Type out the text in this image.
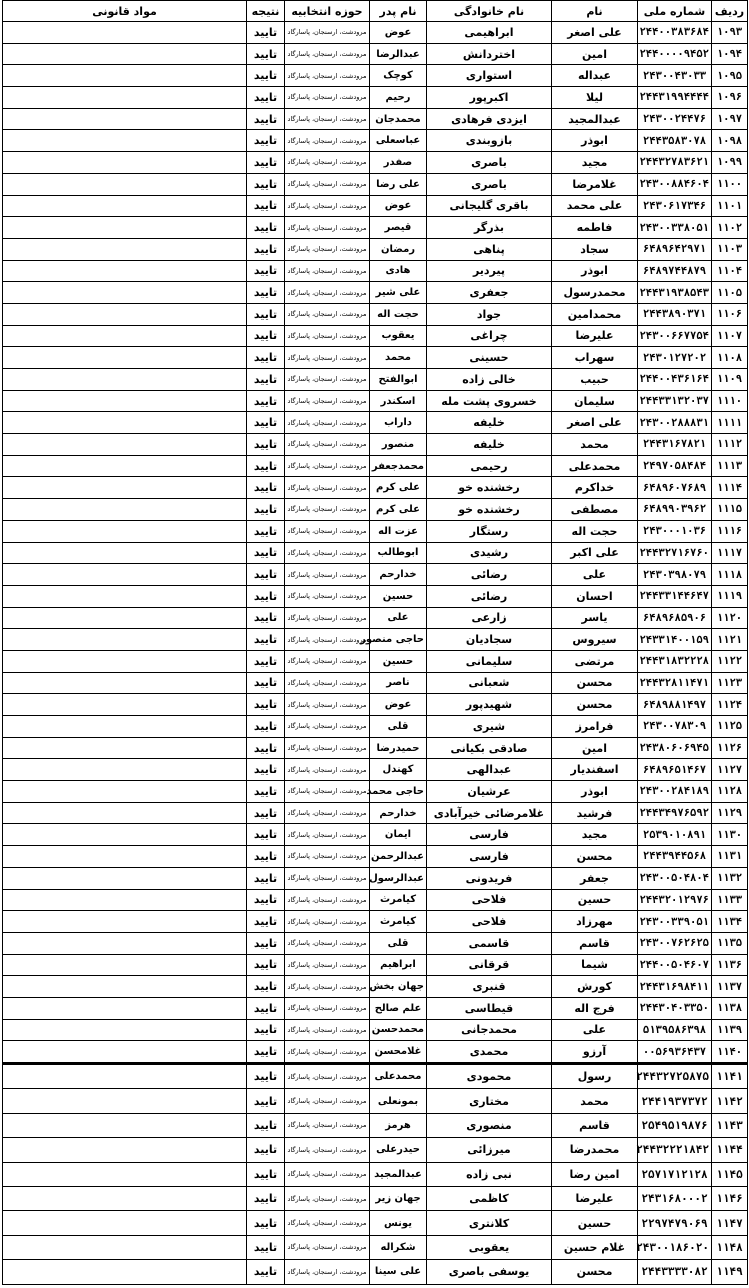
ردیف	شماره ملی	نام	نام خانوادگی	نام پدر	حوزه انتخابیه	نتیجه	مواد قانونی
۱۰۹۳	۲۴۴۰۰۳۸۳۶۸۴	علی اصغر	ابراهیمی	عوض	مرودشت، ارسنجان، پاسارگاد	تایید	
۱۰۹۴	۲۴۴۰۰۰۰۹۴۵۲	امین	اختردانش	عبدالرضا	مرودشت، ارسنجان، پاسارگاد	تایید	
۱۰۹۵	۲۴۳۰۰۴۳۰۳۳	عبداله	استواری	کوچک	مرودشت، ارسنجان، پاسارگاد	تایید	
۱۰۹۶	۲۴۴۳۱۹۹۴۴۴۴	لیلا	اکبرپور	رحیم	مرودشت، ارسنجان، پاسارگاد	تایید	
۱۰۹۷	۲۴۳۰۰۲۴۴۷۶	عبدالمجید	ایزدی فرهادی	محمدجان	مرودشت، ارسنجان، پاسارگاد	تایید	
۱۰۹۸	۲۴۴۳۵۸۳۰۷۸	ابوذر	بازوبندی	عباسعلی	مرودشت، ارسنجان، پاسارگاد	تایید	
۱۰۹۹	۲۴۴۳۲۷۸۳۶۲۱	مجید	باصری	صفدر	مرودشت، ارسنجان، پاسارگاد	تایید	
۱۱۰۰	۲۴۳۰۰۸۸۴۶۰۴	غلامرضا	باصری	علی رضا	مرودشت، ارسنجان، پاسارگاد	تایید	
۱۱۰۱	۲۴۳۰۶۱۷۳۴۶	علی محمد	باقری گلیجانی	عوض	مرودشت، ارسنجان، پاسارگاد	تایید	
۱۱۰۲	۲۴۳۰۰۳۳۸۰۵۱	فاطمه	بذرگر	قیصر	مرودشت، ارسنجان، پاسارگاد	تایید	
۱۱۰۳	۶۴۸۹۶۴۲۹۷۱	سجاد	پناهی	رمضان	مرودشت، ارسنجان، پاسارگاد	تایید	
۱۱۰۴	۶۴۸۹۷۴۴۸۷۹	ابوذر	پیردیر	هادی	مرودشت، ارسنجان، پاسارگاد	تایید	
۱۱۰۵	۲۴۴۳۱۹۳۸۵۴۳	محمدرسول	جعفری	علی شیر	مرودشت، ارسنجان، پاسارگاد	تایید	
۱۱۰۶	۲۴۴۳۸۹۰۳۷۱	محمدامین	جواد	حجت اله	مرودشت، ارسنجان، پاسارگاد	تایید	
۱۱۰۷	۲۴۳۰۰۶۶۷۷۵۴	علیرضا	چراغی	یعقوب	مرودشت، ارسنجان، پاسارگاد	تایید	
۱۱۰۸	۲۴۳۰۱۲۷۲۰۲	سهراب	حسینی	محمد	مرودشت، ارسنجان، پاسارگاد	تایید	
۱۱۰۹	۲۴۴۰۰۴۳۶۱۶۴	حبیب	خالی زاده	ابوالفتح	مرودشت، ارسنجان، پاسارگاد	تایید	
۱۱۱۰	۲۴۴۳۳۱۳۲۰۳۷	سلیمان	خسروی پشت مله	اسکندر	مرودشت، ارسنجان، پاسارگاد	تایید	
۱۱۱۱	۲۴۳۰۰۲۸۸۸۳۱	علی اصغر	خلیفه	داراب	مرودشت، ارسنجان، پاسارگاد	تایید	
۱۱۱۲	۲۴۴۳۱۶۷۸۲۱	محمد	خلیفه	منصور	مرودشت، ارسنجان، پاسارگاد	تایید	
۱۱۱۳	۲۴۹۷۰۵۸۴۸۴	محمدعلی	رحیمی	محمدجعفر	مرودشت، ارسنجان، پاسارگاد	تایید	
۱۱۱۴	۶۴۸۹۶۰۷۶۸۹	خداکرم	رخشنده خو	علی کرم	مرودشت، ارسنجان، پاسارگاد	تایید	
۱۱۱۵	۶۴۸۹۹۰۳۹۶۲	مصطفی	رخشنده خو	علی کرم	مرودشت، ارسنجان، پاسارگاد	تایید	
۱۱۱۶	۲۴۳۰۰۰۱۰۳۶	حجت اله	رستگار	عزت اله	مرودشت، ارسنجان، پاسارگاد	تایید	
۱۱۱۷	۲۴۴۳۲۷۱۶۷۶۰	علی اکبر	رشیدی	ابوطالب	مرودشت، ارسنجان، پاسارگاد	تایید	
۱۱۱۸	۲۴۳۰۳۹۸۰۷۹	علی	رضائی	خدارحم	مرودشت، ارسنجان، پاسارگاد	تایید	
۱۱۱۹	۲۴۴۳۳۱۴۴۶۴۷	احسان	رضائی	حسین	مرودشت، ارسنجان، پاسارگاد	تایید	
۱۱۲۰	۶۴۸۹۶۸۵۹۰۶	یاسر	زارعی	علی	مرودشت، ارسنجان، پاسارگاد	تایید	
۱۱۲۱	۲۴۳۳۱۴۰۰۱۵۹	سیروس	سجادیان	حاجی منصور	مرودشت، ارسنجان، پاسارگاد	تایید	
۱۱۲۲	۲۴۴۳۱۸۳۲۲۲۸	مرتضی	سلیمانی	حسین	مرودشت، ارسنجان، پاسارگاد	تایید	
۱۱۲۳	۲۴۴۳۲۸۱۱۴۷۱	محسن	شعبانی	ناصر	مرودشت، ارسنجان، پاسارگاد	تایید	
۱۱۲۴	۶۴۸۹۸۸۱۴۹۷	محسن	شهیدپور	عوض	مرودشت، ارسنجان، پاسارگاد	تایید	
۱۱۲۵	۲۴۳۰۰۷۸۳۰۹	فرامرز	شیری	قلی	مرودشت، ارسنجان، پاسارگاد	تایید	
۱۱۲۶	۲۴۳۸۰۶۰۶۹۴۵	امین	صادقی بکیانی	حمیدرضا	مرودشت، ارسنجان، پاسارگاد	تایید	
۱۱۲۷	۶۴۸۹۶۵۱۴۶۷	اسفندیار	عبدالهی	کهندل	مرودشت، ارسنجان، پاسارگاد	تایید	
۱۱۲۸	۲۴۳۰۰۲۸۴۱۸۹	ابوذر	عرشیان	حاجی محمد	مرودشت، ارسنجان، پاسارگاد	تایید	
۱۱۲۹	۲۴۴۳۴۹۷۶۵۹۲	فرشید	غلامرضائی خیرآبادی	خدارحم	مرودشت، ارسنجان، پاسارگاد	تایید	
۱۱۳۰	۲۵۳۹۰۱۰۸۹۱	مجید	فارسی	ایمان	مرودشت، ارسنجان، پاسارگاد	تایید	
۱۱۳۱	۲۴۴۳۹۴۴۵۶۸	محسن	فارسی	عبدالرحمن	مرودشت، ارسنجان، پاسارگاد	تایید	
۱۱۳۲	۲۴۳۰۰۵۰۴۸۰۴	جعفر	فریدونی	عبدالرسول	مرودشت، ارسنجان، پاسارگاد	تایید	
۱۱۳۳	۲۴۴۳۲۰۱۲۹۷۶	حسین	فلاحی	کیامرث	مرودشت، ارسنجان، پاسارگاد	تایید	
۱۱۳۴	۲۴۳۰۰۳۳۹۰۵۱	مهرزاد	فلاحی	کیامرث	مرودشت، ارسنجان، پاسارگاد	تایید	
۱۱۳۵	۲۴۳۰۰۷۶۲۶۲۵	قاسم	قاسمی	قلی	مرودشت، ارسنجان، پاسارگاد	تایید	
۱۱۳۶	۲۴۴۰۰۵۰۴۶۰۷	شیما	قرقانی	ابراهیم	مرودشت، ارسنجان، پاسارگاد	تایید	
۱۱۳۷	۲۴۴۳۱۶۹۸۴۱۱	کورش	قنبری	جهان بخش	مرودشت، ارسنجان، پاسارگاد	تایید	
۱۱۳۸	۲۴۴۳۰۴۰۳۳۵۰	فرج اله	قیطاسی	علم صالح	مرودشت، ارسنجان، پاسارگاد	تایید	
۱۱۳۹	۵۱۳۹۵۸۶۳۹۸	علی	محمدجانی	محمدحسن	مرودشت، ارسنجان، پاسارگاد	تایید	
۱۱۴۰	۰۰۵۶۹۳۶۴۳۷	آرزو	محمدی	غلامحسن	مرودشت، ارسنجان، پاسارگاد	تایید	
۱۱۴۱	۲۴۴۳۲۷۲۵۸۷۵	رسول	محمودی	محمدعلی	مرودشت، ارسنجان، پاسارگاد	تایید	
۱۱۴۲	۲۴۴۱۹۳۷۳۷۲	محمد	مختاری	بمونعلی	مرودشت، ارسنجان، پاسارگاد	تایید	
۱۱۴۳	۲۵۴۹۵۱۹۸۷۶	قاسم	منصوری	هرمز	مرودشت، ارسنجان، پاسارگاد	تایید	
۱۱۴۴	۲۴۴۳۲۲۲۱۸۴۲	محمدرضا	میرزائی	حیدرعلی	مرودشت، ارسنجان، پاسارگاد	تایید	
۱۱۴۵	۲۵۷۱۷۱۲۱۲۸	امین رضا	نبی زاده	عبدالمجید	مرودشت، ارسنجان، پاسارگاد	تایید	
۱۱۴۶	۲۴۳۱۶۸۰۰۰۲	علیرضا	کاظمی	جهان زیر	مرودشت، ارسنجان، پاسارگاد	تایید	
۱۱۴۷	۲۲۹۷۴۷۹۰۶۹	حسین	کلانتری	یونس	مرودشت، ارسنجان، پاسارگاد	تایید	
۱۱۴۸	۲۴۳۰۰۱۸۶۰۲۰	غلام حسین	یعقوبی	شکراله	مرودشت، ارسنجان، پاسارگاد	تایید	
۱۱۴۹	۲۴۴۳۳۳۳۰۸۲	محسن	یوسفی باصری	علی سینا	مرودشت، ارسنجان، پاسارگاد	تایید	
